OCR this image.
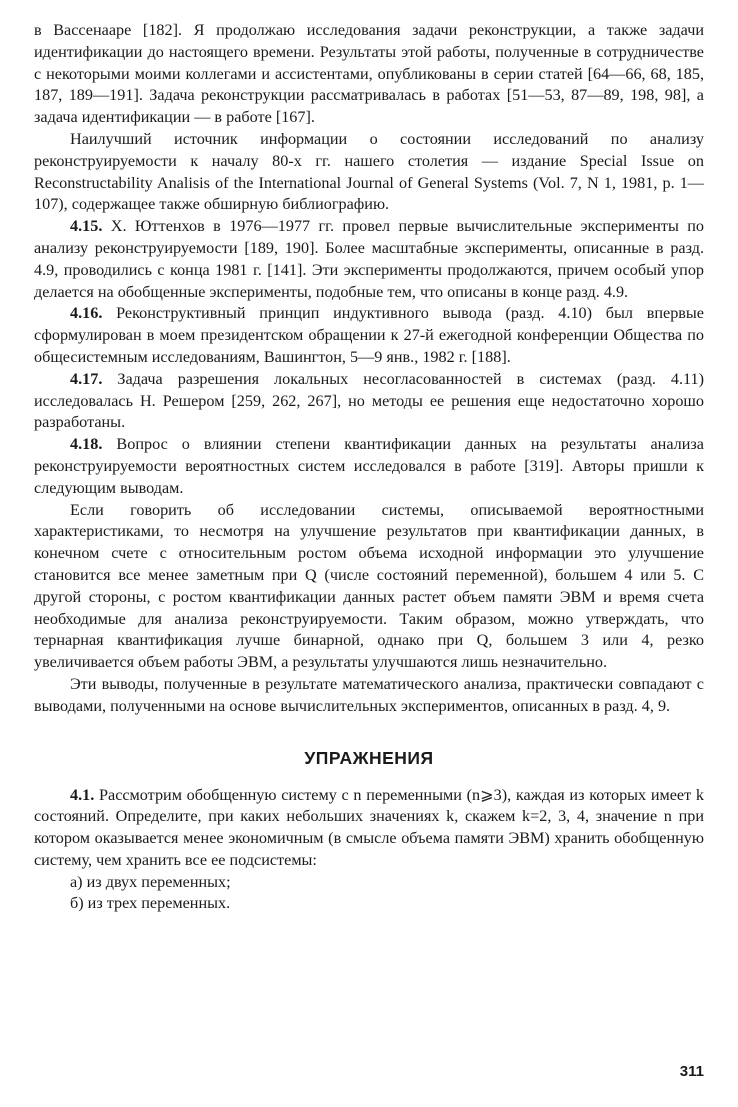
в Вассенааре [182]. Я продолжаю исследования задачи реконструкции, а также задачи идентификации до настоящего времени. Результаты этой работы, полученные в сотрудничестве с некоторыми моими коллегами и ассистентами, опубликованы в серии статей [64—66, 68, 185, 187, 189—191]. Задача реконструкции рассматривалась в работах [51—53, 87—89, 198, 98], а задача идентификации — в работе [167].

Наилучший источник информации о состоянии исследований по анализу реконструируемости к началу 80-х гг. нашего столетия — издание Special Issue on Reconstructability Analisis of the International Journal of General Systems (Vol. 7, N 1, 1981, p. 1—107), содержащее также обширную библиографию.

4.15. Х. Юттенхов в 1976—1977 гг. провел первые вычислительные эксперименты по анализу реконструируемости [189, 190]. Более масштабные эксперименты, описанные в разд. 4.9, проводились с конца 1981 г. [141]. Эти эксперименты продолжаются, причем особый упор делается на обобщенные эксперименты, подобные тем, что описаны в конце разд. 4.9.

4.16. Реконструктивный принцип индуктивного вывода (разд. 4.10) был впервые сформулирован в моем президентском обращении к 27-й ежегодной конференции Общества по общесистемным исследованиям, Вашингтон, 5—9 янв., 1982 г. [188].

4.17. Задача разрешения локальных несогласованностей в системах (разд. 4.11) исследовалась Н. Решером [259, 262, 267], но методы ее решения еще недостаточно хорошо разработаны.

4.18. Вопрос о влиянии степени квантификации данных на результаты анализа реконструируемости вероятностных систем исследовался в работе [319]. Авторы пришли к следующим выводам.

Если говорить об исследовании системы, описываемой вероятностными характеристиками, то несмотря на улучшение результатов при квантификации данных, в конечном счете с относительным ростом объема исходной информации это улучшение становится все менее заметным при Q (числе состояний переменной), большем 4 или 5. С другой стороны, с ростом квантификации данных растет объем памяти ЭВМ и время счета необходимые для анализа реконструируемости. Таким образом, можно утверждать, что тернарная квантификация лучше бинарной, однако при Q, большем 3 или 4, резко увеличивается объем работы ЭВМ, а результаты улучшаются лишь незначительно.

Эти выводы, полученные в результате математического анализа, практически совпадают с выводами, полученными на основе вычислительных экспериментов, описанных в разд. 4, 9.

УПРАЖНЕНИЯ

4.1. Рассмотрим обобщенную систему с n переменными (n⩾3), каждая из которых имеет k состояний. Определите, при каких небольших значениях k, скажем k=2, 3, 4, значение n при котором оказывается менее экономичным (в смысле объема памяти ЭВМ) хранить обобщенную систему, чем хранить все ее подсистемы:

а) из двух переменных;

б) из трех переменных.

311
